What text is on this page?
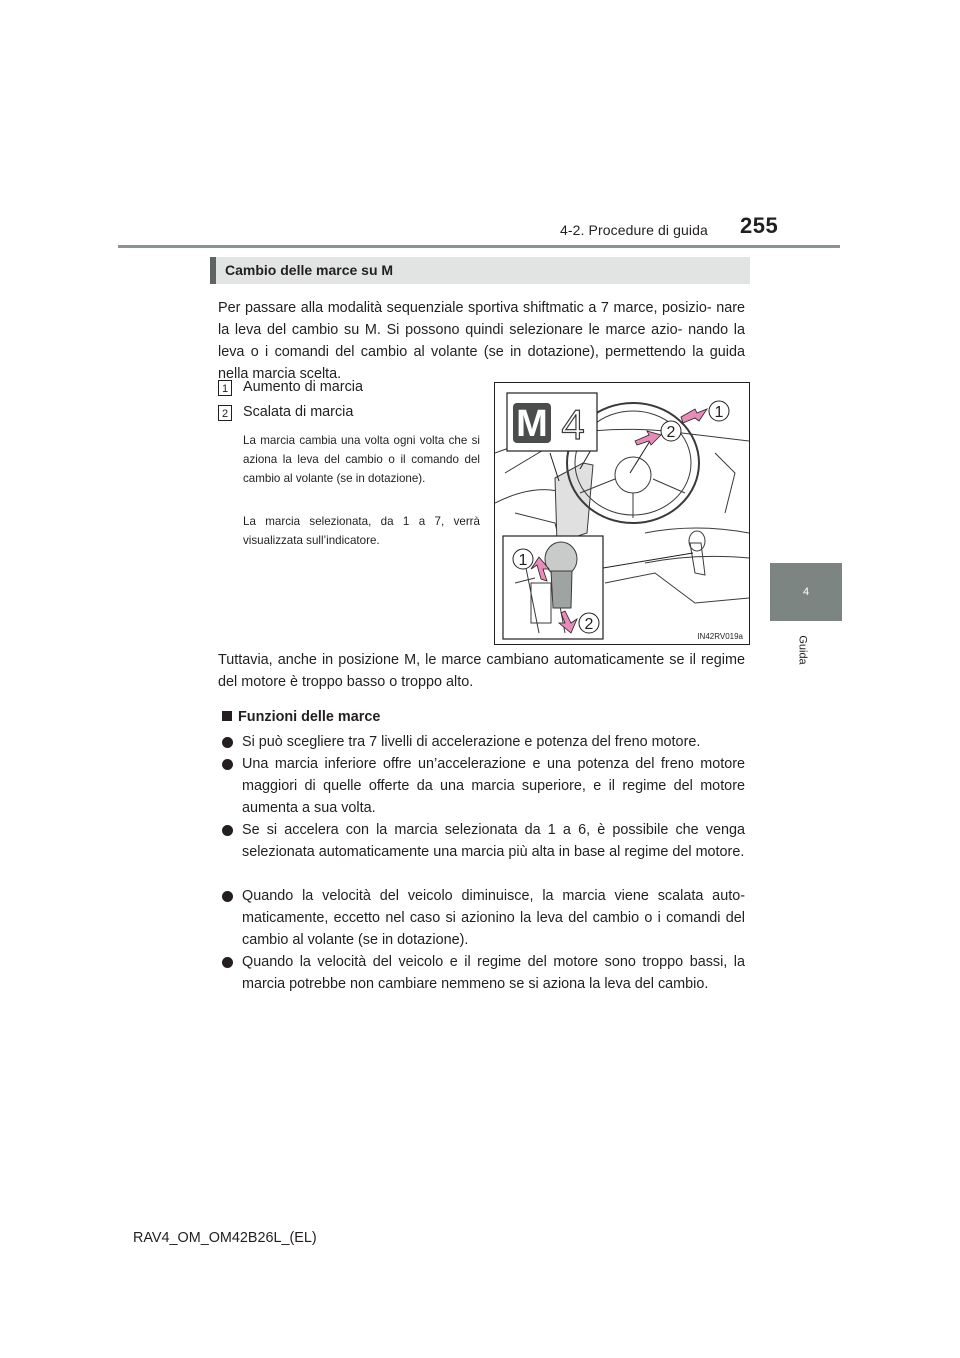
4-2. Procedure di guida 255
4
Guida
Cambio delle marce su M
Per passare alla modalità sequenziale sportiva shiftmatic a 7 marce, posizio- nare la leva del cambio su M. Si possono quindi selezionare le marce azio- nando la leva o i comandi del cambio al volante (se in dotazione), permettendo la guida nella marcia scelta.
1 Aumento di marcia
2 Scalata di marcia
La marcia cambia una volta ogni volta che si aziona la leva del cambio o il comando del cambio al volante (se in dotazione).
La marcia selezionata, da 1 a 7, verrà visualizzata sull’indicatore.
M 4	1
2
1
2
IN42RV019a
Tuttavia, anche in posizione M, le marce cambiano automaticamente se il regime del motore è troppo basso o troppo alto.
Funzioni delle marce
Si può scegliere tra 7 livelli di accelerazione e potenza del freno motore.
Una marcia inferiore offre un’accelerazione e una potenza del freno motore maggiori di quelle offerte da una marcia superiore, e il regime del motore aumenta a sua volta.
Se si accelera con la marcia selezionata da 1 a 6, è possibile che venga selezionata automaticamente una marcia più alta in base al regime del motore.
Quando la velocità del veicolo diminuisce, la marcia viene scalata auto- maticamente, eccetto nel caso si azionino la leva del cambio o i comandi del cambio al volante (se in dotazione).
Quando la velocità del veicolo e il regime del motore sono troppo bassi, la marcia potrebbe non cambiare nemmeno se si aziona la leva del cambio.
RAV4_OM_OM42B26L_(EL)
